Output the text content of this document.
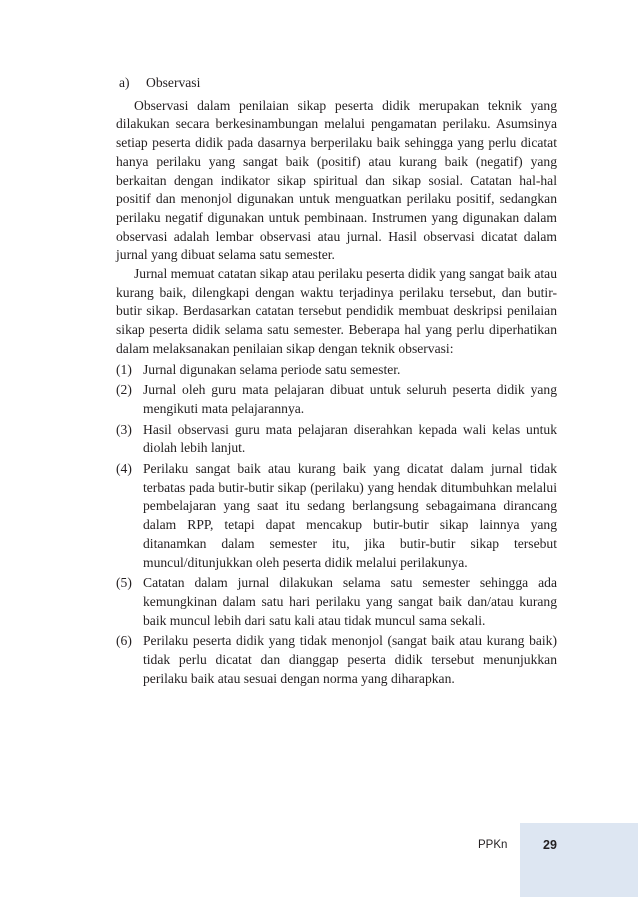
a) Observasi

Observasi dalam penilaian sikap peserta didik merupakan teknik yang dilakukan secara berkesinambungan melalui pengamatan perilaku. Asumsinya setiap peserta didik pada dasarnya berperilaku baik sehingga yang perlu dicatat hanya perilaku yang sangat baik (positif) atau kurang baik (negatif) yang berkaitan dengan indikator sikap spiritual dan sikap sosial. Catatan hal-hal positif dan menonjol digunakan untuk menguatkan perilaku positif, sedangkan perilaku negatif digunakan untuk pembinaan. Instrumen yang digunakan dalam observasi adalah lembar observasi atau jurnal. Hasil observasi dicatat dalam jurnal yang dibuat selama satu semester.

Jurnal memuat catatan sikap atau perilaku peserta didik yang sangat baik atau kurang baik, dilengkapi dengan waktu terjadinya perilaku tersebut, dan butir-butir sikap. Berdasarkan catatan tersebut pendidik membuat deskripsi penilaian sikap peserta didik selama satu semester. Beberapa hal yang perlu diperhatikan dalam melaksanakan penilaian sikap dengan teknik observasi:

(1) Jurnal digunakan selama periode satu semester.
(2) Jurnal oleh guru mata pelajaran dibuat untuk seluruh peserta didik yang mengikuti mata pelajarannya.
(3) Hasil observasi guru mata pelajaran diserahkan kepada wali kelas untuk diolah lebih lanjut.
(4) Perilaku sangat baik atau kurang baik yang dicatat dalam jurnal tidak terbatas pada butir-butir sikap (perilaku) yang hendak ditumbuhkan melalui pembelajaran yang saat itu sedang berlangsung sebagaimana dirancang dalam RPP, tetapi dapat mencakup butir-butir sikap lainnya yang ditanamkan dalam semester itu, jika butir-butir sikap tersebut muncul/ditunjukkan oleh peserta didik melalui perilakunya.
(5) Catatan dalam jurnal dilakukan selama satu semester sehingga ada kemungkinan dalam satu hari perilaku yang sangat baik dan/atau kurang baik muncul lebih dari satu kali atau tidak muncul sama sekali.
(6) Perilaku peserta didik yang tidak menonjol (sangat baik atau kurang baik) tidak perlu dicatat dan dianggap peserta didik tersebut menunjukkan perilaku baik atau sesuai dengan norma yang diharapkan.
PPKn	29
